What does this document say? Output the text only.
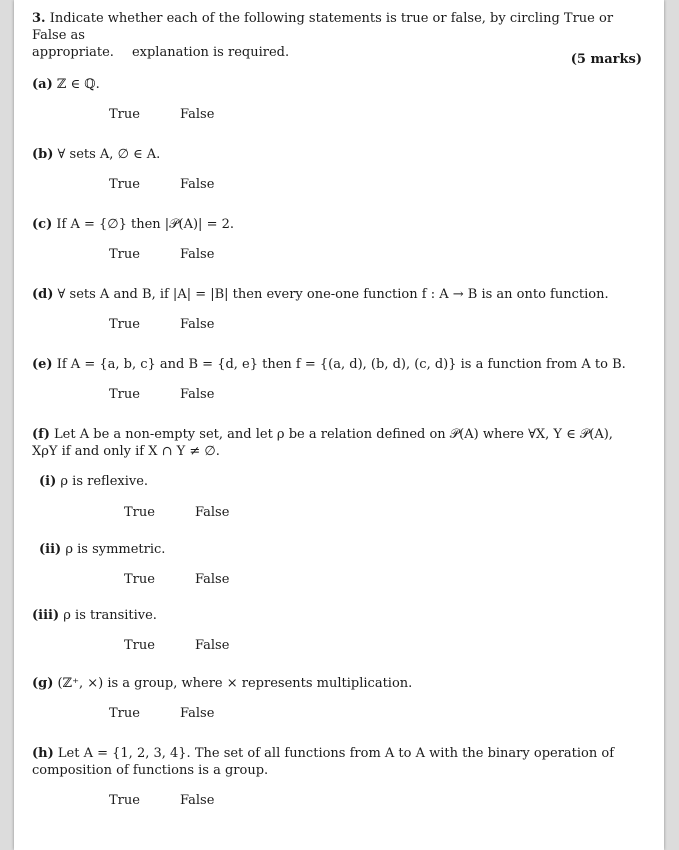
3. Indicate whether each of the following statements is true or false, by circling True or False as
appropriate. explanation is required.	(5 marks)
(a) ℤ ∈ ℚ.
True	False
(b) ∀ sets A, ∅ ∈ A.
True	False
(c) If A = {∅} then |𝒫(A)| = 2.
True	False
(d) ∀ sets A and B, if |A| = |B| then every one-one function f : A → B is an onto function.
True	False
(e) If A = {a, b, c} and B = {d, e} then f = {(a, d), (b, d), (c, d)} is a function from A to B.
True	False
(f) Let A be a non-empty set, and let ρ be a relation defined on 𝒫(A) where ∀X, Y ∈ 𝒫(A),
XρY if and only if X ∩ Y ≠ ∅.
(i) ρ is reflexive.
True	False
(ii) ρ is symmetric.
True	False
(iii) ρ is transitive.
True	False
(g) (ℤ⁺, ×) is a group, where × represents multiplication.
True	False
(h) Let A = {1, 2, 3, 4}. The set of all functions from A to A with the binary operation of
composition of functions is a group.
True	False
